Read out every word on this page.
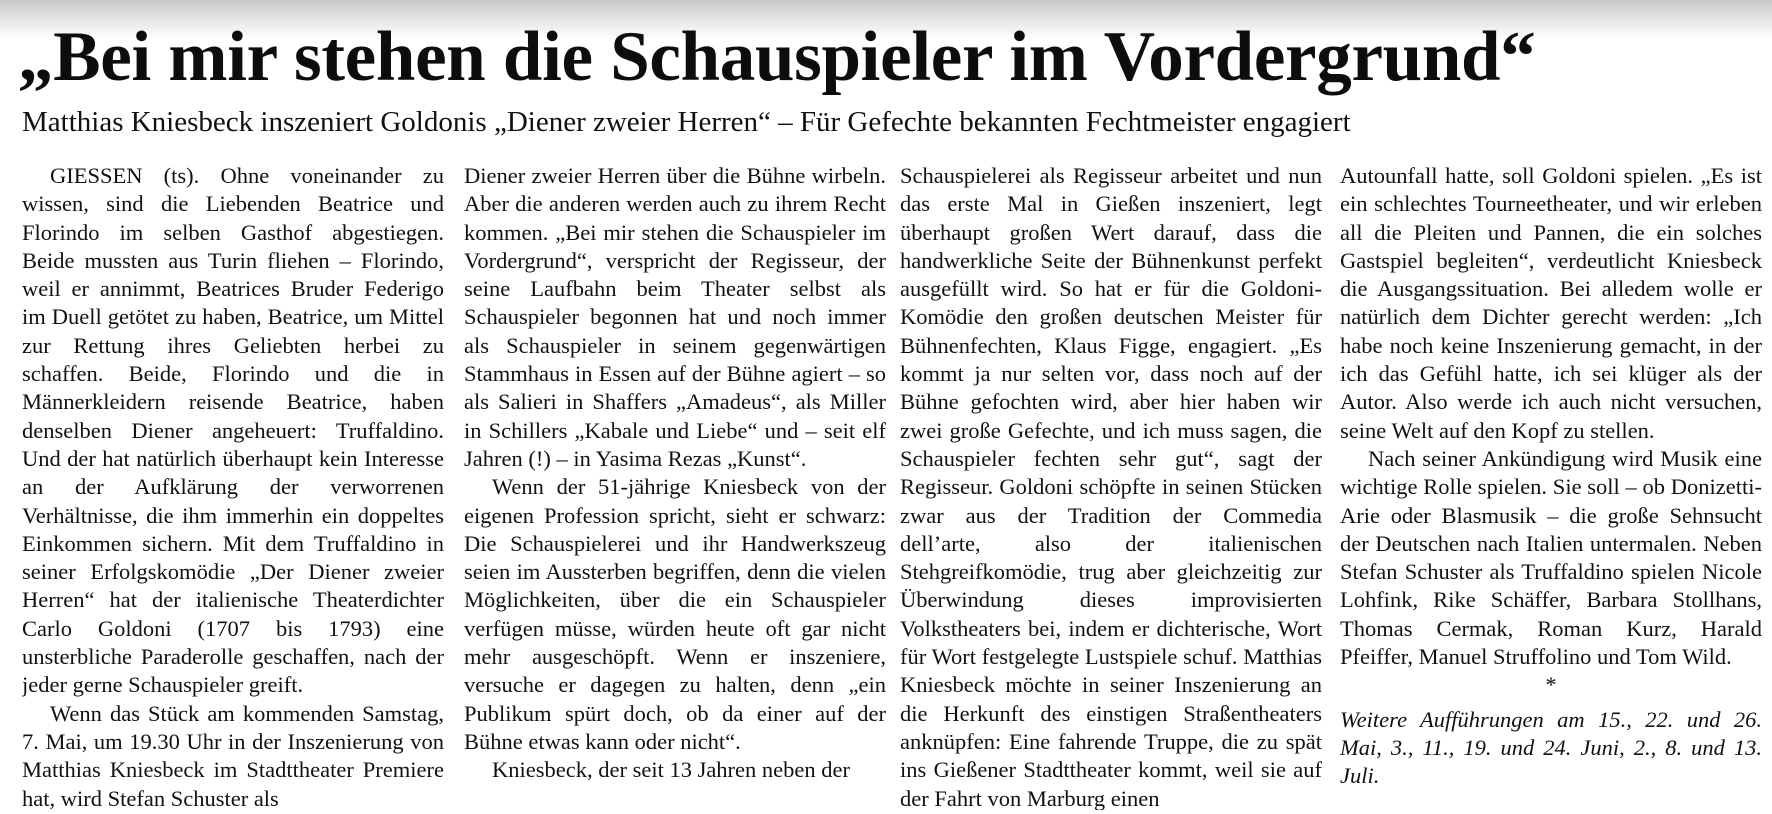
„Bei mir stehen die Schauspieler im Vordergrund“
Matthias Kniesbeck inszeniert Goldonis „Diener zweier Herren“ – Für Gefechte bekannten Fechtmeister engagiert

GIESSEN (ts). Ohne voneinander zu wissen, sind die Liebenden Beatrice und Florindo im selben Gasthof abgestiegen. Beide mussten aus Turin fliehen – Florindo, weil er annimmt, Beatrices Bruder Federigo im Duell getötet zu haben, Beatrice, um Mittel zur Rettung ihres Geliebten herbei zu schaffen. Beide, Florindo und die in Männerkleidern reisende Beatrice, haben denselben Diener angeheuert: Truffaldino. Und der hat natürlich überhaupt kein Interesse an der Aufklärung der verworrenen Verhältnisse, die ihm immerhin ein doppeltes Einkommen sichern. Mit dem Truffaldino in seiner Erfolgskomödie „Der Diener zweier Herren“ hat der italienische Theaterdichter Carlo Goldoni (1707 bis 1793) eine unsterbliche Paraderolle geschaffen, nach der jeder gerne Schauspieler greift.

Wenn das Stück am kommenden Samstag, 7. Mai, um 19.30 Uhr in der Inszenierung von Matthias Kniesbeck im Stadttheater Premiere hat, wird Stefan Schuster als

Diener zweier Herren über die Bühne wirbeln. Aber die anderen werden auch zu ihrem Recht kommen. „Bei mir stehen die Schauspieler im Vordergrund“, verspricht der Regisseur, der seine Laufbahn beim Theater selbst als Schauspieler begonnen hat und noch immer als Schauspieler in seinem gegenwärtigen Stammhaus in Essen auf der Bühne agiert – so als Salieri in Shaffers „Amadeus“, als Miller in Schillers „Kabale und Liebe“ und – seit elf Jahren (!) – in Yasima Rezas „Kunst“.

Wenn der 51-jährige Kniesbeck von der eigenen Profession spricht, sieht er schwarz: Die Schauspielerei und ihr Handwerkszeug seien im Aussterben begriffen, denn die vielen Möglichkeiten, über die ein Schauspieler verfügen müsse, würden heute oft gar nicht mehr ausgeschöpft. Wenn er inszeniere, versuche er dagegen zu halten, denn „ein Publikum spürt doch, ob da einer auf der Bühne etwas kann oder nicht“.

Kniesbeck, der seit 13 Jahren neben der

Schauspielerei als Regisseur arbeitet und nun das erste Mal in Gießen inszeniert, legt überhaupt großen Wert darauf, dass die handwerkliche Seite der Bühnenkunst perfekt ausgefüllt wird. So hat er für die Goldoni-Komödie den großen deutschen Meister für Bühnenfechten, Klaus Figge, engagiert. „Es kommt ja nur selten vor, dass noch auf der Bühne gefochten wird, aber hier haben wir zwei große Gefechte, und ich muss sagen, die Schauspieler fechten sehr gut“, sagt der Regisseur. Goldoni schöpfte in seinen Stücken zwar aus der Tradition der Commedia dell’arte, also der italienischen Stehgreifkomödie, trug aber gleichzeitig zur Überwindung dieses improvisierten Volkstheaters bei, indem er dichterische, Wort für Wort festgelegte Lustspiele schuf. Matthias Kniesbeck möchte in seiner Inszenierung an die Herkunft des einstigen Straßentheaters anknüpfen: Eine fahrende Truppe, die zu spät ins Gießener Stadttheater kommt, weil sie auf der Fahrt von Marburg einen

Autounfall hatte, soll Goldoni spielen. „Es ist ein schlechtes Tourneetheater, und wir erleben all die Pleiten und Pannen, die ein solches Gastspiel begleiten“, verdeutlicht Kniesbeck die Ausgangssituation. Bei alledem wolle er natürlich dem Dichter gerecht werden: „Ich habe noch keine Inszenierung gemacht, in der ich das Gefühl hatte, ich sei klüger als der Autor. Also werde ich auch nicht versuchen, seine Welt auf den Kopf zu stellen.

Nach seiner Ankündigung wird Musik eine wichtige Rolle spielen. Sie soll – ob Donizetti-Arie oder Blasmusik – die große Sehnsucht der Deutschen nach Italien untermalen. Neben Stefan Schuster als Truffaldino spielen Nicole Lohfink, Rike Schäffer, Barbara Stollhans, Thomas Cermak, Roman Kurz, Harald Pfeiffer, Manuel Struffolino und Tom Wild.

*

Weitere Aufführungen am 15., 22. und 26. Mai, 3., 11., 19. und 24. Juni, 2., 8. und 13. Juli.
